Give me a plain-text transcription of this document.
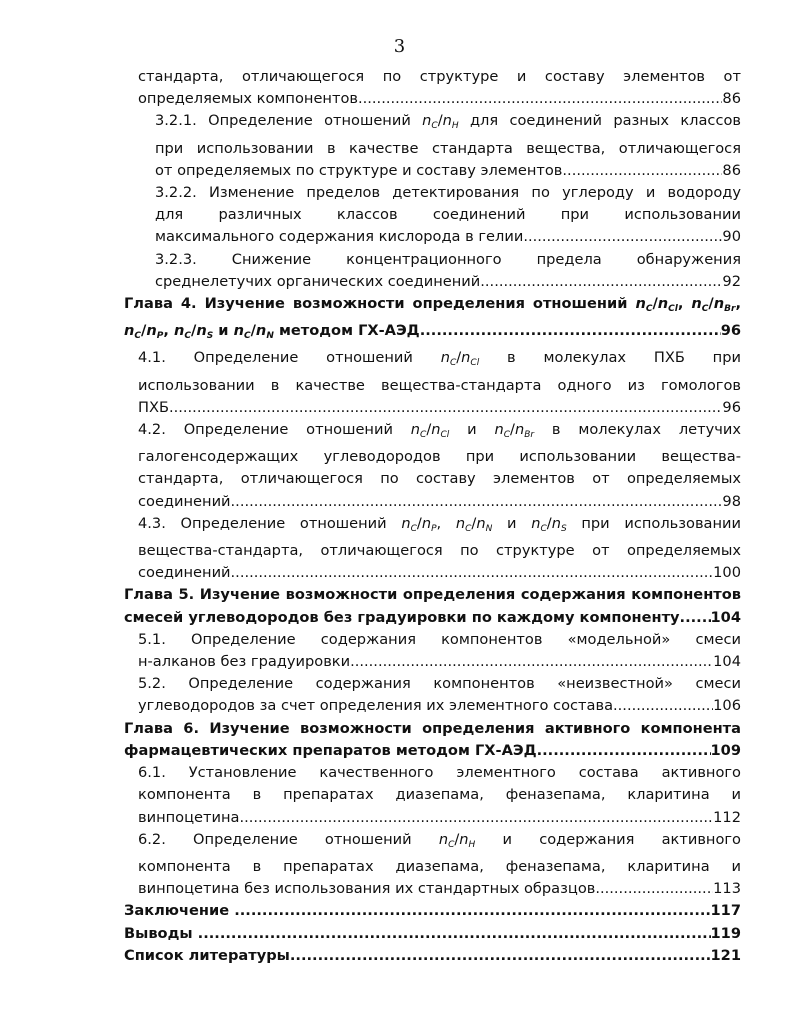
3
стандарта, отличающегося по структуре и составу элементов от
определяемых компонентов .....	86
3.2.1. Определение отношений $n_C/n_H$ для соединений разных классов
при использовании в качестве стандарта вещества, отличающегося
от определяемых по структуре и составу элементов .....	86
3.2.2. Изменение пределов детектирования по углероду и водороду
для различных классов соединений при использовании
максимального содержания кислорода в гелии .....	90
3.2.3. Снижение концентрационного предела обнаружения
среднелетучих органических соединений .....	92
Глава 4. Изучение возможности определения отношений $n_C/n_{Cl}$, $n_C/n_{Br}$,
$n_C/n_P$, $n_C/n_S$ и $n_C/n_N$ методом ГХ-АЭД .....	96
4.1. Определение отношений $n_C/n_{Cl}$ в молекулах ПХБ при
использовании в качестве вещества-стандарта одного из гомологов
ПХБ .....	96
4.2. Определение отношений $n_C/n_{Cl}$ и $n_C/n_{Br}$ в молекулах летучих
галогенсодержащих углеводородов при использовании вещества-
стандарта, отличающегося по составу элементов от определяемых
соединений .....	98
4.3. Определение отношений $n_C/n_P$, $n_C/n_N$ и $n_C/n_S$ при использовании
вещества-стандарта, отличающегося по структуре от определяемых
соединений .....	100
Глава 5. Изучение возможности определения содержания компонентов
смесей углеводородов без градуировки по каждому компоненту ..... 104
5.1. Определение содержания компонентов «модельной» смеси
н-алканов без градуировки .....	104
5.2. Определение содержания компонентов «неизвестной» смеси
углеводородов за счет определения их элементного состава .....	106
Глава 6. Изучение возможности определения активного компонента
фармацевтических препаратов методом ГХ-АЭД .....	109
6.1. Установление качественного элементного состава активного
компонента в препаратах диазепама, феназепама, кларитина и
винпоцетина .....	112
6.2. Определение отношений $n_C/n_H$ и содержания активного
компонента в препаратах диазепама, феназепама, кларитина и
винпоцетина без использования их стандартных образцов .....	113
Заключение .....	117
Выводы .....	119
Список литературы .....	121
